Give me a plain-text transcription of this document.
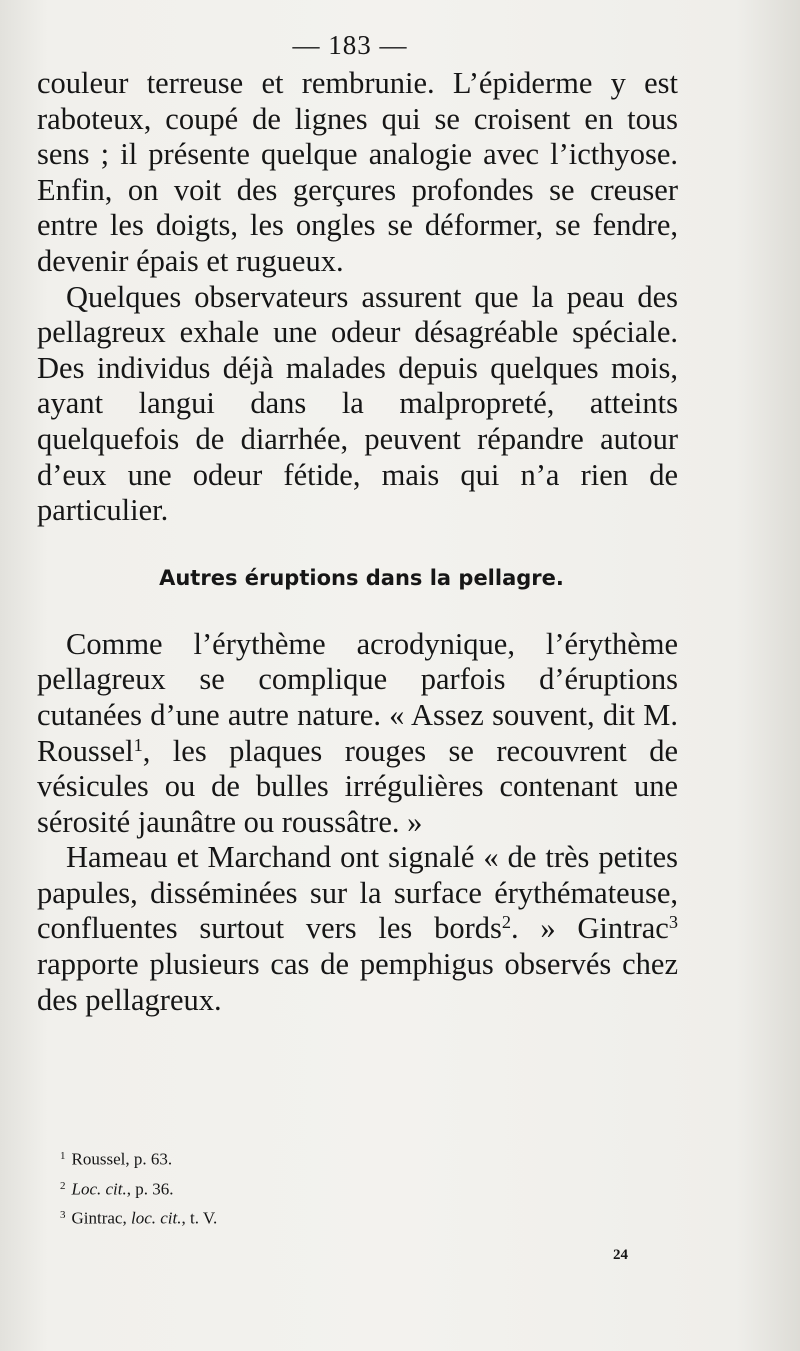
— 183 —

couleur terreuse et rembrunie. L’épiderme y est raboteux, coupé de lignes qui se croisent en tous sens ; il présente quelque analogie avec l’icthyose. Enfin, on voit des gerçures profondes se creuser entre les doigts, les ongles se déformer, se fendre, devenir épais et rugueux.

Quelques observateurs assurent que la peau des pellagreux exhale une odeur désagréable spéciale. Des individus déjà malades depuis quelques mois, ayant langui dans la malpropreté, atteints quelquefois de diarrhée, peuvent répandre autour d’eux une odeur fétide, mais qui n’a rien de particulier.

Autres éruptions dans la pellagre.

Comme l’érythème acrodynique, l’érythème pellagreux se complique parfois d’éruptions cutanées d’une autre nature. « Assez souvent, dit M. Roussel$^1$, les plaques rouges se recouvrent de vésicules ou de bulles irrégulières contenant une sérosité jaunâtre ou roussâtre. »

Hameau et Marchand ont signalé « de très petites papules, disséminées sur la surface érythémateuse, confluentes surtout vers les bords$^2$. » Gintrac$^3$ rapporte plusieurs cas de pemphigus observés chez des pellagreux.

$^1$ Roussel, p. 63.
$^2$ Loc. cit., p. 36.
$^3$ Gintrac, loc. cit., t. V.
24
